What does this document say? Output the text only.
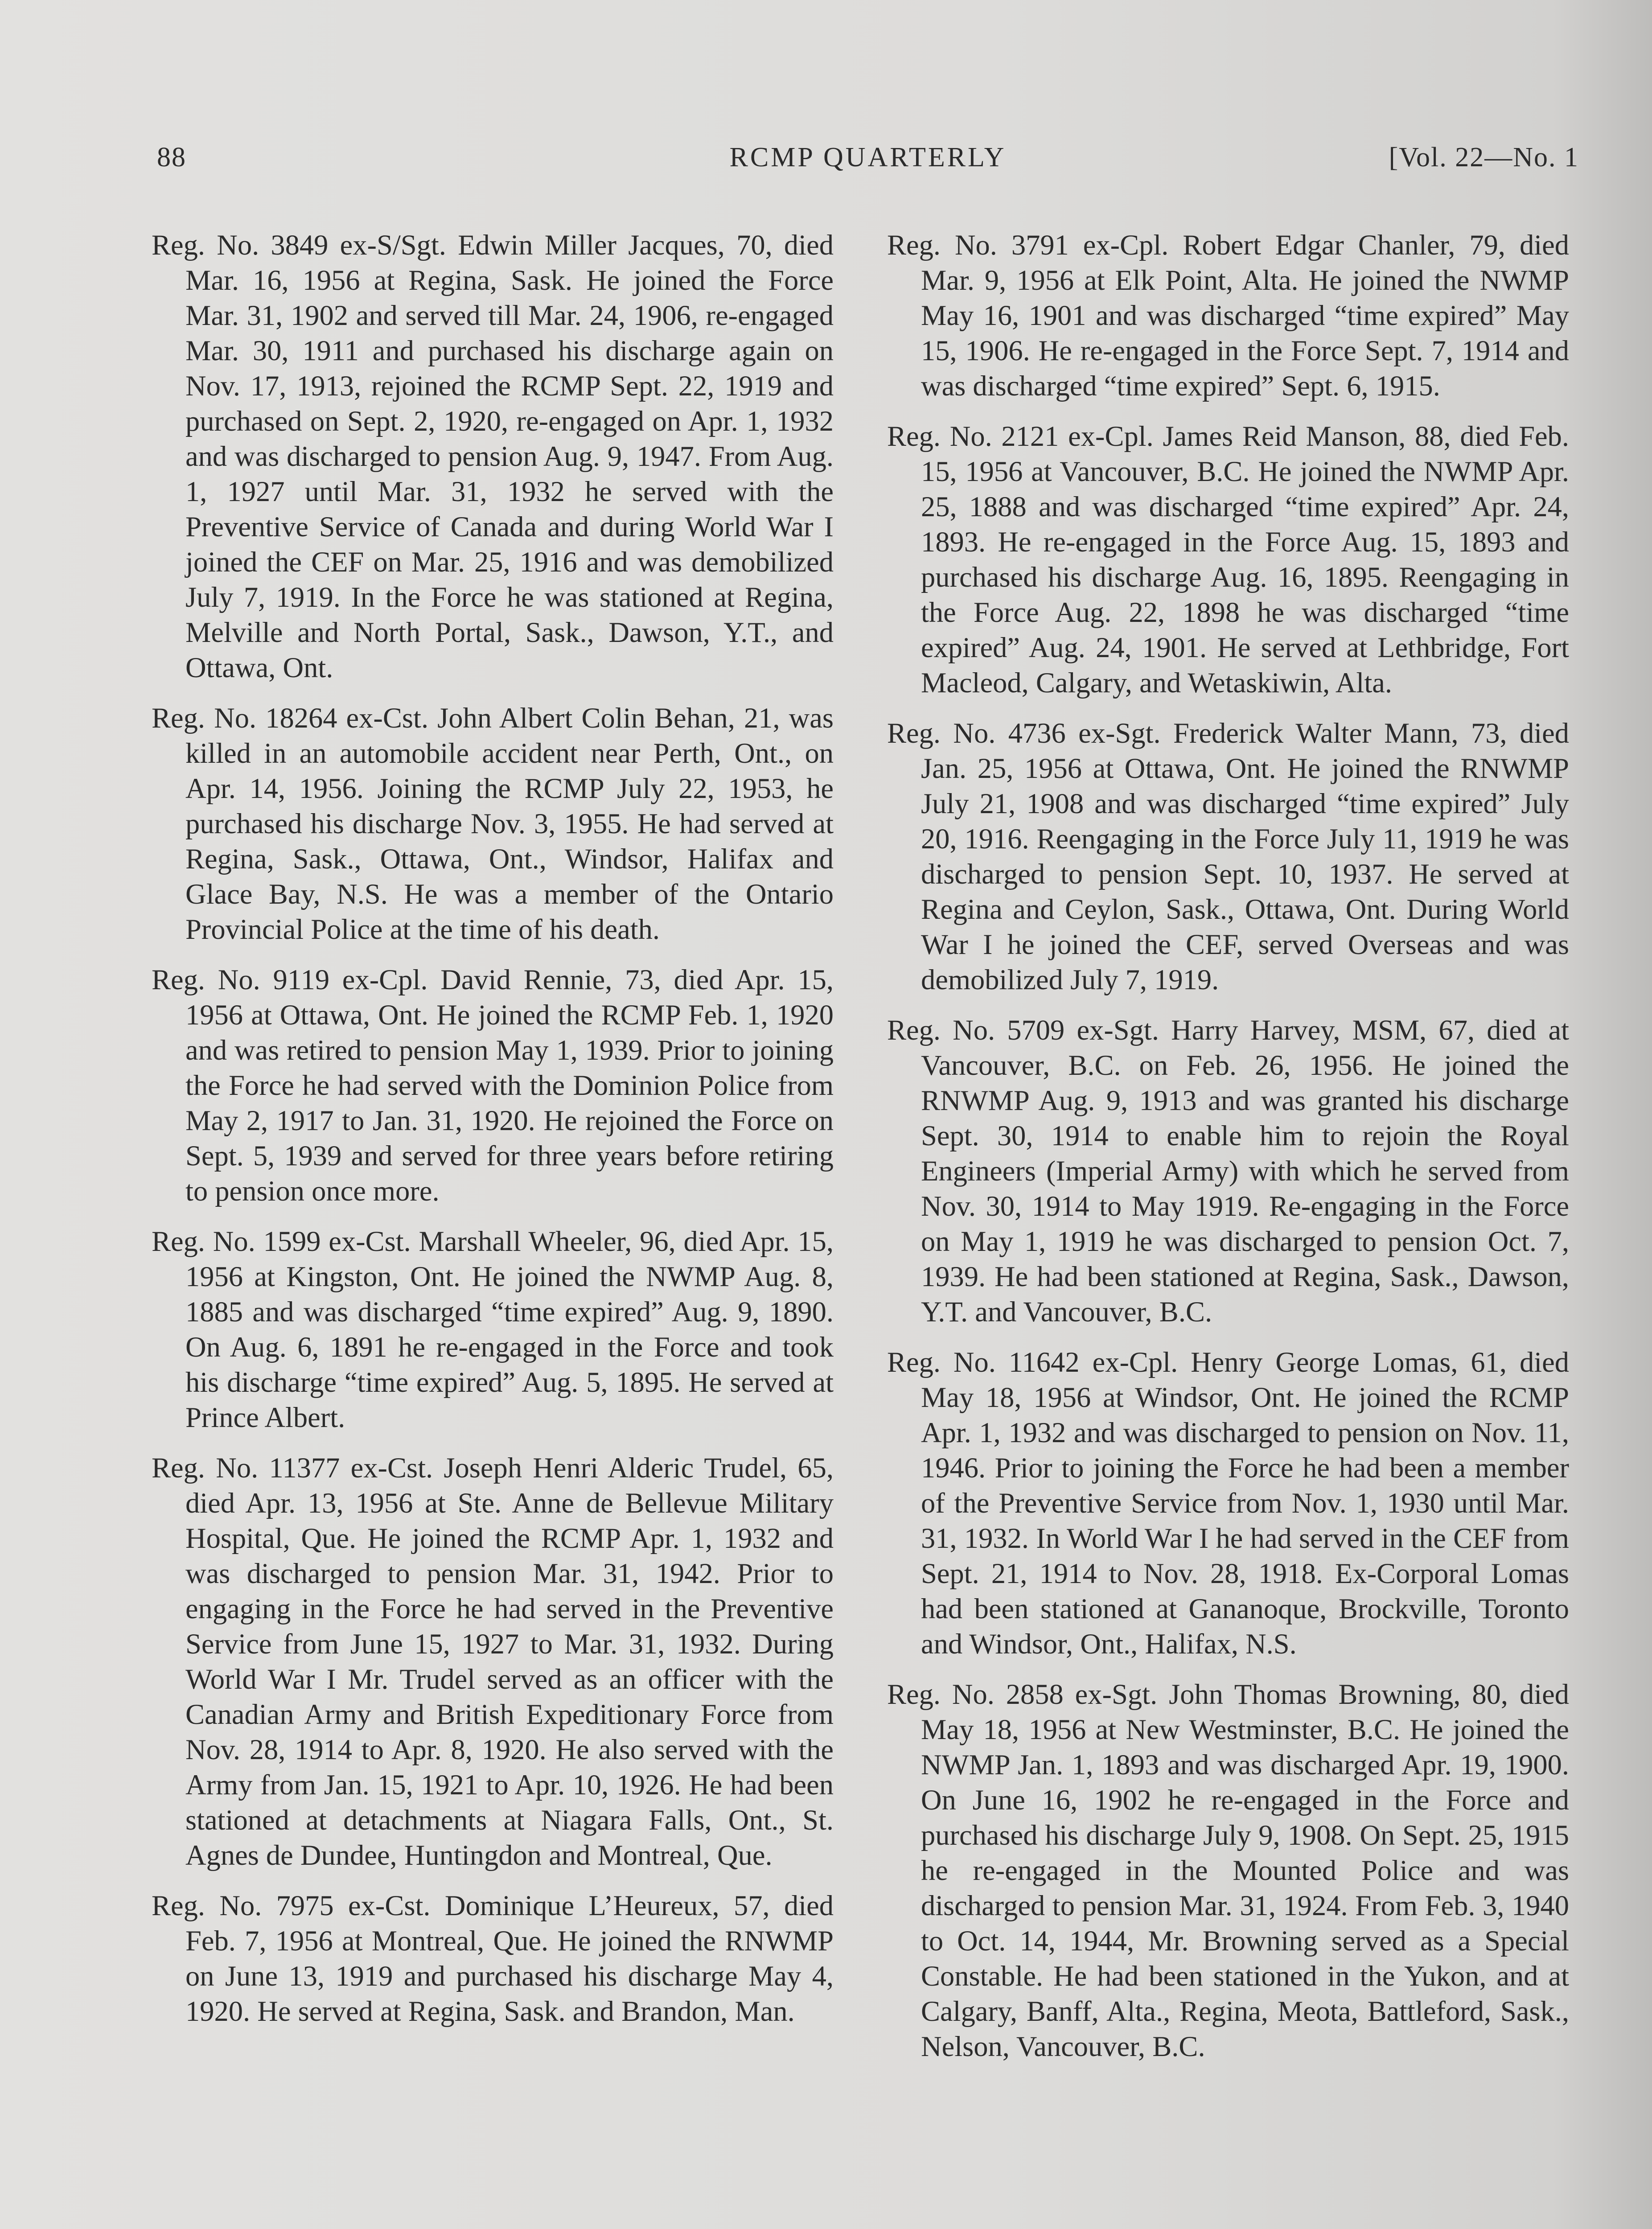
88	RCMP QUARTERLY	[Vol. 22—No. 1

Reg. No. 3849 ex-S/Sgt. Edwin Miller Jacques, 70, died Mar. 16, 1956 at Regina, Sask. He joined the Force Mar. 31, 1902 and served till Mar. 24, 1906, re-engaged Mar. 30, 1911 and purchased his discharge again on Nov. 17, 1913, rejoined the RCMP Sept. 22, 1919 and purchased on Sept. 2, 1920, re-engaged on Apr. 1, 1932 and was discharged to pension Aug. 9, 1947. From Aug. 1, 1927 until Mar. 31, 1932 he served with the Preventive Service of Canada and during World War I joined the CEF on Mar. 25, 1916 and was demobilized July 7, 1919. In the Force he was stationed at Regina, Melville and North Portal, Sask., Dawson, Y.T., and Ottawa, Ont.

Reg. No. 18264 ex-Cst. John Albert Colin Behan, 21, was killed in an automobile accident near Perth, Ont., on Apr. 14, 1956. Joining the RCMP July 22, 1953, he purchased his discharge Nov. 3, 1955. He had served at Regina, Sask., Ottawa, Ont., Windsor, Halifax and Glace Bay, N.S. He was a member of the Ontario Provincial Police at the time of his death.

Reg. No. 9119 ex-Cpl. David Rennie, 73, died Apr. 15, 1956 at Ottawa, Ont. He joined the RCMP Feb. 1, 1920 and was retired to pension May 1, 1939. Prior to joining the Force he had served with the Dominion Police from May 2, 1917 to Jan. 31, 1920. He rejoined the Force on Sept. 5, 1939 and served for three years before retiring to pension once more.

Reg. No. 1599 ex-Cst. Marshall Wheeler, 96, died Apr. 15, 1956 at Kingston, Ont. He joined the NWMP Aug. 8, 1885 and was discharged “time expired” Aug. 9, 1890. On Aug. 6, 1891 he re-engaged in the Force and took his discharge “time expired” Aug. 5, 1895. He served at Prince Albert.

Reg. No. 11377 ex-Cst. Joseph Henri Alderic Trudel, 65, died Apr. 13, 1956 at Ste. Anne de Bellevue Military Hospital, Que. He joined the RCMP Apr. 1, 1932 and was discharged to pension Mar. 31, 1942. Prior to engaging in the Force he had served in the Preventive Service from June 15, 1927 to Mar. 31, 1932. During World War I Mr. Trudel served as an officer with the Canadian Army and British Expeditionary Force from Nov. 28, 1914 to Apr. 8, 1920. He also served with the Army from Jan. 15, 1921 to Apr. 10, 1926. He had been stationed at detachments at Niagara Falls, Ont., St. Agnes de Dundee, Huntingdon and Montreal, Que.

Reg. No. 7975 ex-Cst. Dominique L’Heureux, 57, died Feb. 7, 1956 at Montreal, Que. He joined the RNWMP on June 13, 1919 and purchased his discharge May 4, 1920. He served at Regina, Sask. and Brandon, Man.

Reg. No. 3791 ex-Cpl. Robert Edgar Chanler, 79, died Mar. 9, 1956 at Elk Point, Alta. He joined the NWMP May 16, 1901 and was discharged “time expired” May 15, 1906. He re-engaged in the Force Sept. 7, 1914 and was discharged “time expired” Sept. 6, 1915.

Reg. No. 2121 ex-Cpl. James Reid Manson, 88, died Feb. 15, 1956 at Vancouver, B.C. He joined the NWMP Apr. 25, 1888 and was discharged “time expired” Apr. 24, 1893. He re-engaged in the Force Aug. 15, 1893 and purchased his discharge Aug. 16, 1895. Reengaging in the Force Aug. 22, 1898 he was discharged “time expired” Aug. 24, 1901. He served at Lethbridge, Fort Macleod, Calgary, and Wetaskiwin, Alta.

Reg. No. 4736 ex-Sgt. Frederick Walter Mann, 73, died Jan. 25, 1956 at Ottawa, Ont. He joined the RNWMP July 21, 1908 and was discharged “time expired” July 20, 1916. Reengaging in the Force July 11, 1919 he was discharged to pension Sept. 10, 1937. He served at Regina and Ceylon, Sask., Ottawa, Ont. During World War I he joined the CEF, served Overseas and was demobilized July 7, 1919.

Reg. No. 5709 ex-Sgt. Harry Harvey, MSM, 67, died at Vancouver, B.C. on Feb. 26, 1956. He joined the RNWMP Aug. 9, 1913 and was granted his discharge Sept. 30, 1914 to enable him to rejoin the Royal Engineers (Imperial Army) with which he served from Nov. 30, 1914 to May 1919. Re-engaging in the Force on May 1, 1919 he was discharged to pension Oct. 7, 1939. He had been stationed at Regina, Sask., Dawson, Y.T. and Vancouver, B.C.

Reg. No. 11642 ex-Cpl. Henry George Lomas, 61, died May 18, 1956 at Windsor, Ont. He joined the RCMP Apr. 1, 1932 and was discharged to pension on Nov. 11, 1946. Prior to joining the Force he had been a member of the Preventive Service from Nov. 1, 1930 until Mar. 31, 1932. In World War I he had served in the CEF from Sept. 21, 1914 to Nov. 28, 1918. Ex-Corporal Lomas had been stationed at Gananoque, Brockville, Toronto and Windsor, Ont., Halifax, N.S.

Reg. No. 2858 ex-Sgt. John Thomas Browning, 80, died May 18, 1956 at New Westminster, B.C. He joined the NWMP Jan. 1, 1893 and was discharged Apr. 19, 1900. On June 16, 1902 he re-engaged in the Force and purchased his discharge July 9, 1908. On Sept. 25, 1915 he re-engaged in the Mounted Police and was discharged to pension Mar. 31, 1924. From Feb. 3, 1940 to Oct. 14, 1944, Mr. Browning served as a Special Constable. He had been stationed in the Yukon, and at Calgary, Banff, Alta., Regina, Meota, Battleford, Sask., Nelson, Vancouver, B.C.
